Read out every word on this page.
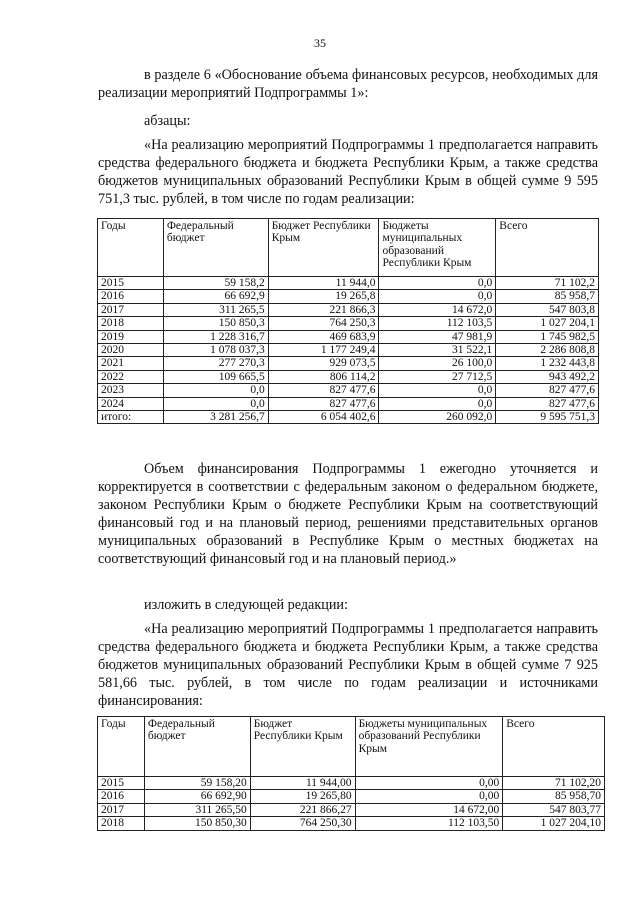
35
в разделе 6 «Обоснование объема финансовых ресурсов, необходимых для реализации мероприятий Подпрограммы 1»:
абзацы:
«На реализацию мероприятий Подпрограммы 1 предполагается направить средства федерального бюджета и бюджета Республики Крым, а также средства бюджетов муниципальных образований Республики Крым в общей сумме 9 595 751,3 тыс. рублей, в том числе по годам реализации:
Годы	Федеральный бюджет	Бюджет Республики Крым	Бюджеты муниципальных образований Республики Крым	Всего
2015	59 158,2	11 944,0	0,0	71 102,2
2016	66 692,9	19 265,8	0,0	85 958,7
2017	311 265,5	221 866,3	14 672,0	547 803,8
2018	150 850,3	764 250,3	112 103,5	1 027 204,1
2019	1 228 316,7	469 683,9	47 981,9	1 745 982,5
2020	1 078 037,3	1 177 249,4	31 522,1	2 286 808,8
2021	277 270,3	929 073,5	26 100,0	1 232 443,8
2022	109 665,5	806 114,2	27 712,5	943 492,2
2023	0,0	827 477,6	0,0	827 477,6
2024	0,0	827 477,6	0,0	827 477,6
итого:	3 281 256,7	6 054 402,6	260 092,0	9 595 751,3
Объем финансирования Подпрограммы 1 ежегодно уточняется и корректируется в соответствии с федеральным законом о федеральном бюджете, законом Республики Крым о бюджете Республики Крым на соответствующий финансовый год и на плановый период, решениями представительных органов муниципальных образований в Республике Крым о местных бюджетах на соответствующий финансовый год и на плановый период.»
изложить в следующей редакции:
«На реализацию мероприятий Подпрограммы 1 предполагается направить средства федерального бюджета и бюджета Республики Крым, а также средства бюджетов муниципальных образований Республики Крым в общей сумме 7 925 581,66 тыс. рублей, в том числе по годам реализации и источниками финансирования:
Годы	Федеральный бюджет	Бюджет Республики Крым	Бюджеты муниципальных образований Республики Крым	Всего
2015	59 158,20	11 944,00	0,00	71 102,20
2016	66 692,90	19 265,80	0,00	85 958,70
2017	311 265,50	221 866,27	14 672,00	547 803,77
2018	150 850,30	764 250,30	112 103,50	1 027 204,10
